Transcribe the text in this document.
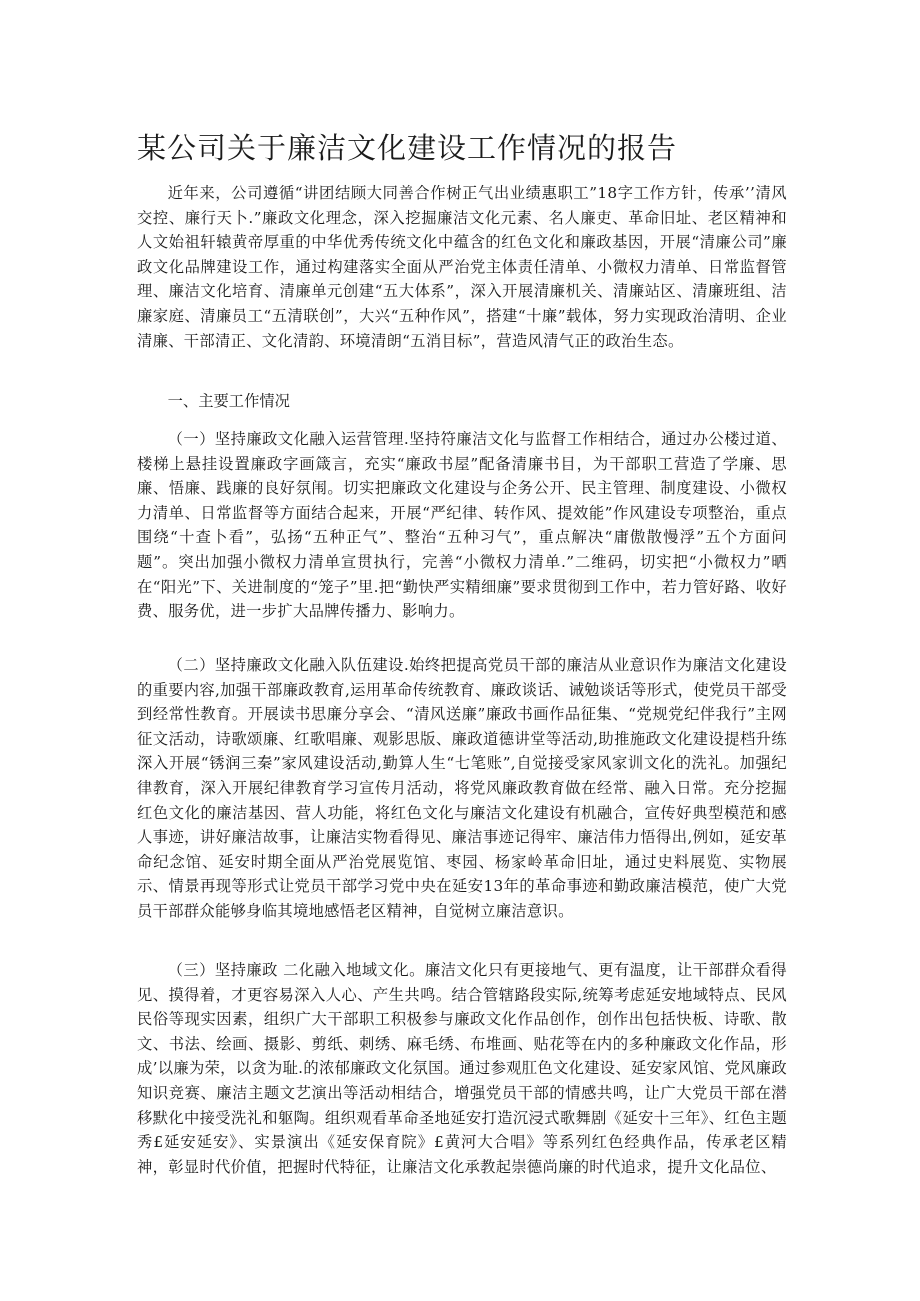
某公司关于廉洁文化建设工作情况的报告

近年来，公司遵循“讲团结顾大同善合作树正气出业绩惠职工”18字工作方针，传承’’清风交控、廉行天卜.”廉政文化理念，深入挖掘廉洁文化元素、名人廉吏、革命旧址、老区精神和人文始祖轩辕黄帝厚重的中华优秀传统文化中蕴含的红色文化和廉政基因，开展“清廉公司”廉政文化品牌建设工作，通过构建落实全面从严治党主体责任清单、小微权力清单、日常监督管理、廉洁文化培育、清廉单元创建“五大体系”，深入开展清廉机关、清廉站区、清廉班组、洁廉家庭、清廉员工“五清联创”，大兴“五种作风”，搭建“十廉”载体，努力实现政治清明、企业清廉、干部清正、文化清韵、环境清朗“五消目标”，营造风清气正的政治生态。

一、主要工作情况

（一）坚持廉政文化融入运营管理.坚持符廉洁文化与监督工作相结合，通过办公楼过道、楼梯上悬挂设置廉政字画箴言，充实“廉政书屋”配备清廉书目，为干部职工营造了学廉、思廉、悟廉、践廉的良好氛闱。切实把廉政文化建设与企务公开、民主管理、制度建设、小微权力清单、日常监督等方面结合起来，开展“严纪律、转作风、提效能”作风建设专项整治，重点围绕“十查卜看”，弘扬“五种正气”、整治“五种习气”，重点解决“庸傲散慢浮”五个方面问题”。突出加强小微权力清单宣贯执行，完善“小微权力清单.”二维码，切实把“小微权力”晒在“阳光”下、关进制度的“笼子”里.把“勤快严实精细廉”要求贯彻到工作中，若力管好路、收好费、服务优，进一步扩大品牌传播力、影响力。

（二）坚持廉政文化融入队伍建设.始终把提高党员干部的廉洁从业意识作为廉洁文化建设的重要内容,加强干部廉政教育,运用革命传统教育、廉政谈话、诫勉谈话等形式，使党员干部受到经常性教育。开展读书思廉分享会、“清风送廉”廉政书画作品征集、“党规党纪伴我行”主网征文活动，诗歌颂廉、红歌唱廉、观影思版、廉政道德讲堂等活动,助推施政文化建设提档升练深入开展“锈润三秦”家风建设活动,勤算人生“七笔账”,自觉接受家风家训文化的洗礼。加强纪律教育，深入开展纪律教育学习宣传月活动，将党风廉政教育做在经常、融入日常。充分挖掘红色文化的廉洁基因、营人功能，将红色文化与廉洁文化建设有机融合，宣传好典型模范和感人事迹，讲好廉洁故事，让廉洁实物看得见、廉洁事迹记得牢、廉洁伟力悟得出,例如，延安革命纪念馆、延安时期全面从严治党展览馆、枣园、杨家岭革命旧址，通过史料展览、实物展示、情景再现等形式让党员干部学习党中央在延安13年的革命事迹和勤政廉洁模范，使广大党员干部群众能够身临其境地感悟老区精神，自觉树立廉洁意识。

（三）坚持廉政 二化融入地域文化。廉洁文化只有更接地气、更有温度，让干部群众看得见、摸得着，才更容易深入人心、产生共鸣。结合管辖路段实际,统筹考虑延安地域特点、民风民俗等现实因素，组织广大干部职工积极参与廉政文化作品创作，创作出包括快板、诗歌、散文、书法、绘画、摄影、剪纸、刺绣、麻毛绣、布堆画、贴花等在内的多种廉政文化作品，形成’以廉为荣，以贪为耻.的浓郁廉政文化氛国。通过参观肛色文化建设、延安家风馆、党风廉政知识竞赛、廉洁主题文艺演出等活动相结合，增强党员干部的情感共鸣，让广大党员干部在潜移默化中接受洗礼和躯陶。组织观看革命圣地延安打造沉浸式歌舞剧《延安十三年》、红色主题秀£延安延安》、实景演出《延安保育院》£黄河大合唱》等系列红色经典作品，传承老区精神，彰显时代价值，把握时代特征，让廉洁文化承教起崇德尚廉的时代追求，提升文化品位、
